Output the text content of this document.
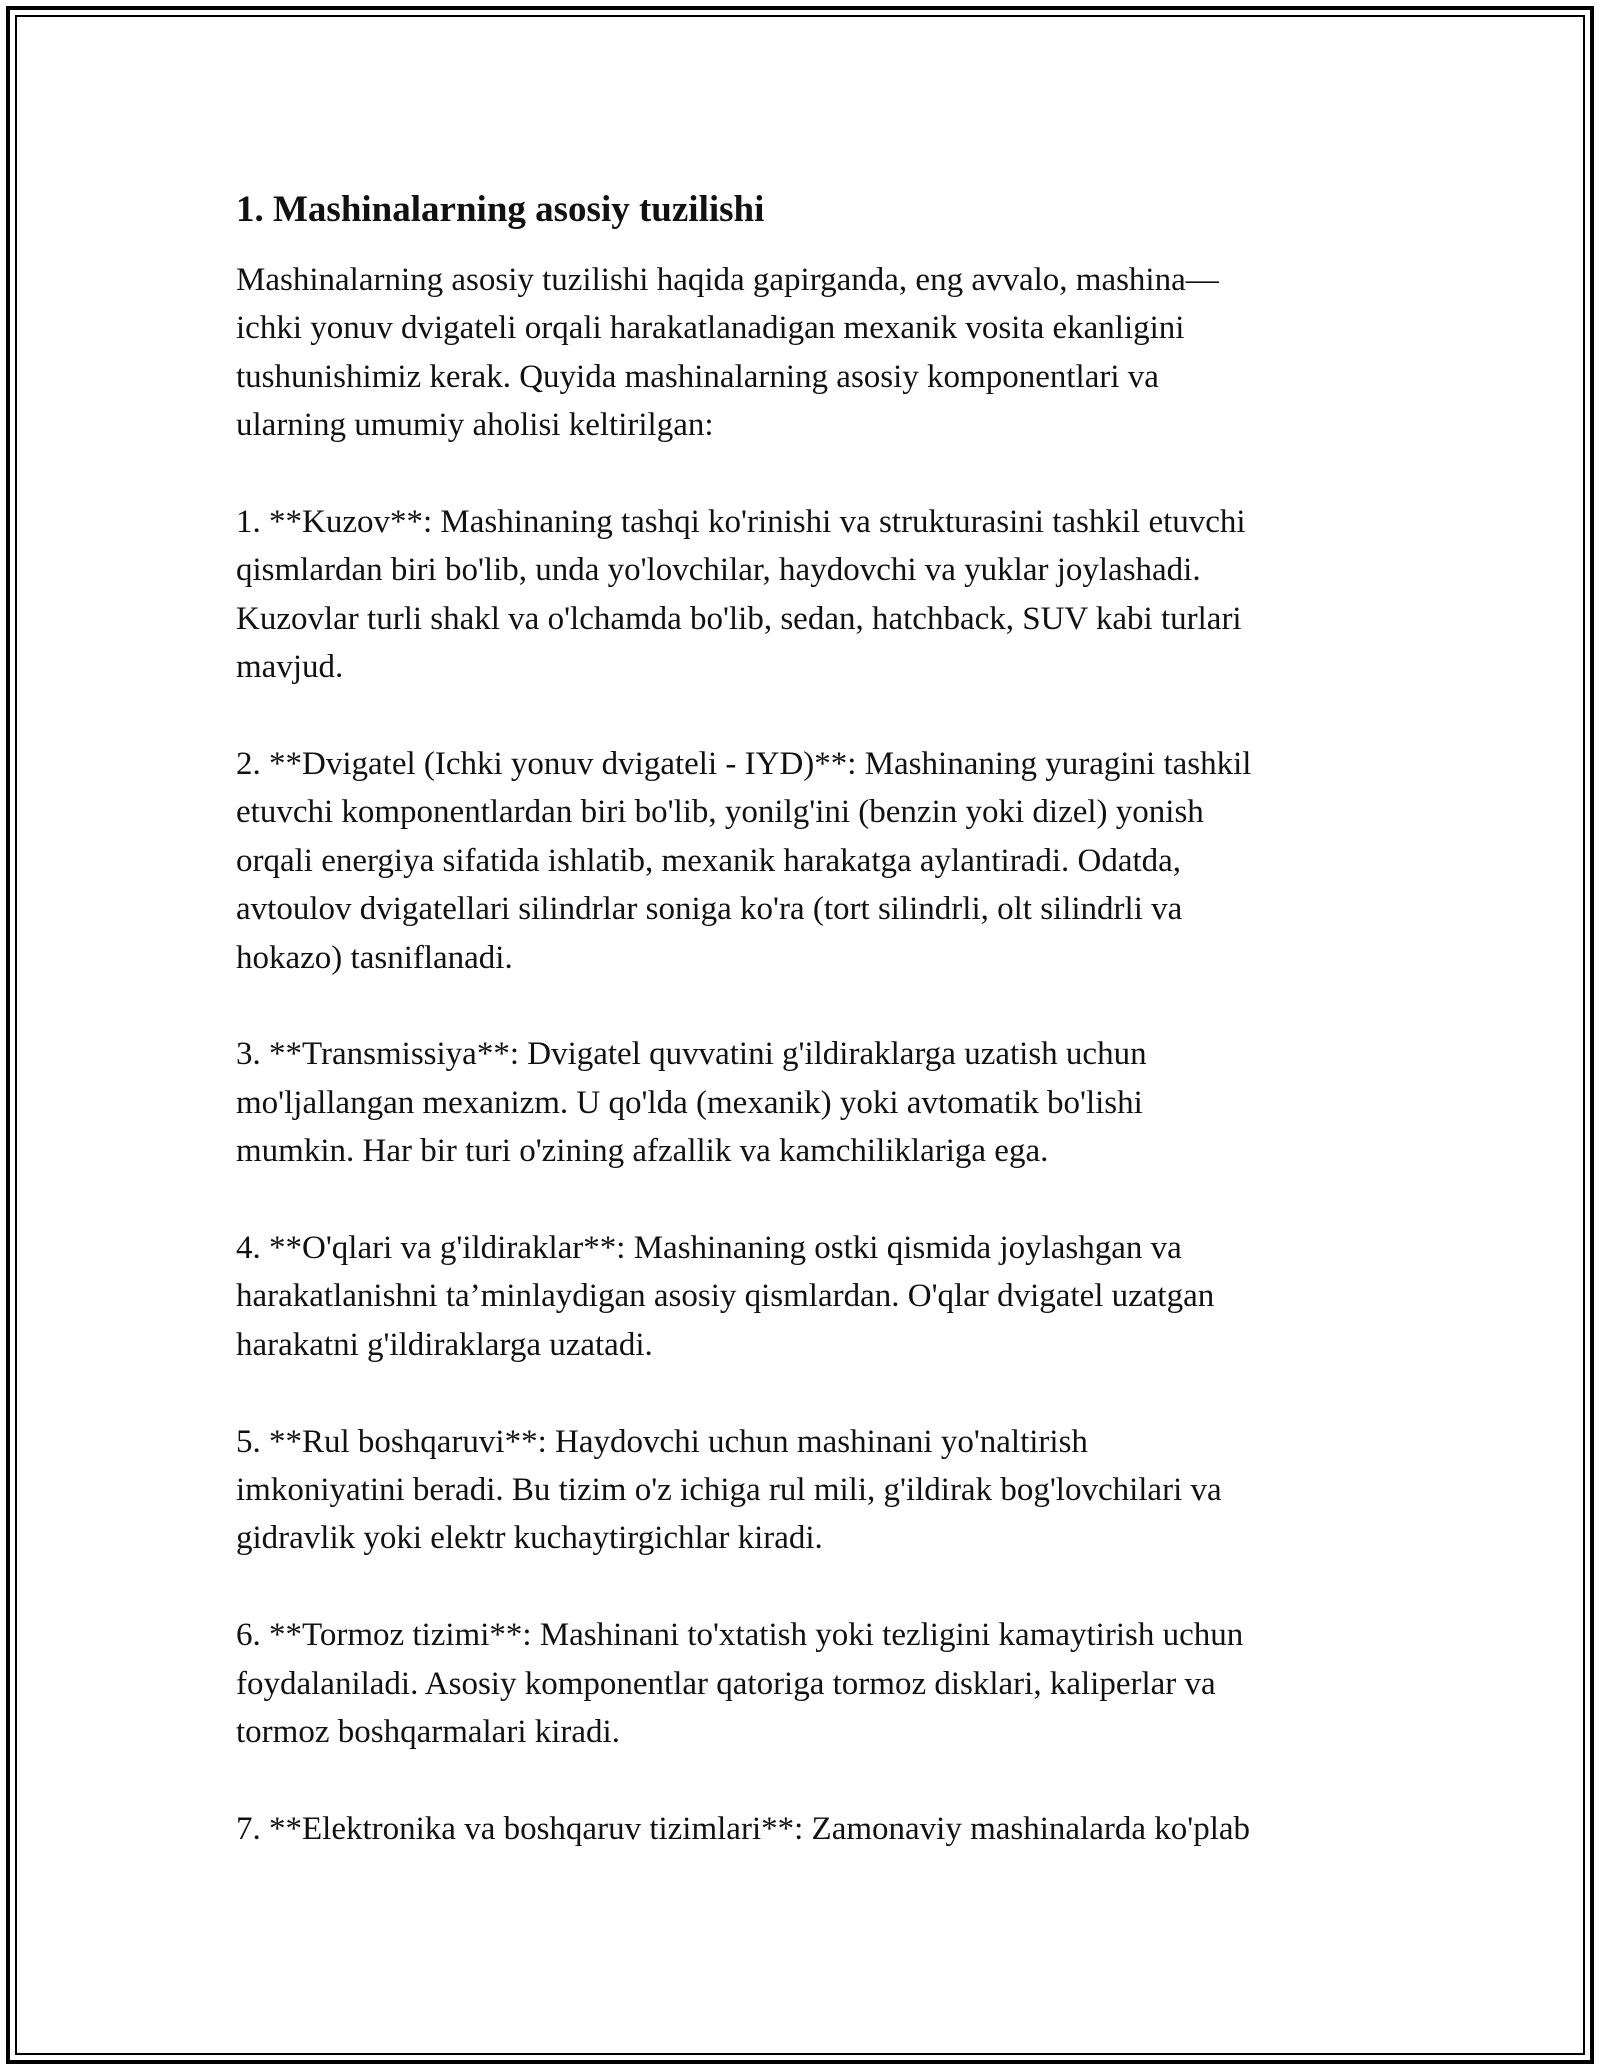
1. Mashinalarning asosiy tuzilishi

Mashinalarning asosiy tuzilishi haqida gapirganda, eng avvalo, mashina—
ichki yonuv dvigateli orqali harakatlanadigan mexanik vosita ekanligini
tushunishimiz kerak. Quyida mashinalarning asosiy komponentlari va
ularning umumiy aholisi keltirilgan:

1. **Kuzov**: Mashinaning tashqi ko'rinishi va strukturasini tashkil etuvchi
qismlardan biri bo'lib, unda yo'lovchilar, haydovchi va yuklar joylashadi.
Kuzovlar turli shakl va o'lchamda bo'lib, sedan, hatchback, SUV kabi turlari
mavjud.

2. **Dvigatel (Ichki yonuv dvigateli - IYD)**: Mashinaning yuragini tashkil
etuvchi komponentlardan biri bo'lib, yonilg'ini (benzin yoki dizel) yonish
orqali energiya sifatida ishlatib, mexanik harakatga aylantiradi. Odatda,
avtoulov dvigatellari silindrlar soniga ko'ra (tort silindrli, olt silindrli va
hokazo) tasniflanadi.

3. **Transmissiya**: Dvigatel quvvatini g'ildiraklarga uzatish uchun
mo'ljallangan mexanizm. U qo'lda (mexanik) yoki avtomatik bo'lishi
mumkin. Har bir turi o'zining afzallik va kamchiliklariga ega.

4. **O'qlari va g'ildiraklar**: Mashinaning ostki qismida joylashgan va
harakatlanishni ta’minlaydigan asosiy qismlardan. O'qlar dvigatel uzatgan
harakatni g'ildiraklarga uzatadi.

5. **Rul boshqaruvi**: Haydovchi uchun mashinani yo'naltirish
imkoniyatini beradi. Bu tizim o'z ichiga rul mili, g'ildirak bog'lovchilari va
gidravlik yoki elektr kuchaytirgichlar kiradi.

6. **Tormoz tizimi**: Mashinani to'xtatish yoki tezligini kamaytirish uchun
foydalaniladi. Asosiy komponentlar qatoriga tormoz disklari, kaliperlar va
tormoz boshqarmalari kiradi.

7. **Elektronika va boshqaruv tizimlari**: Zamonaviy mashinalarda ko'plab
